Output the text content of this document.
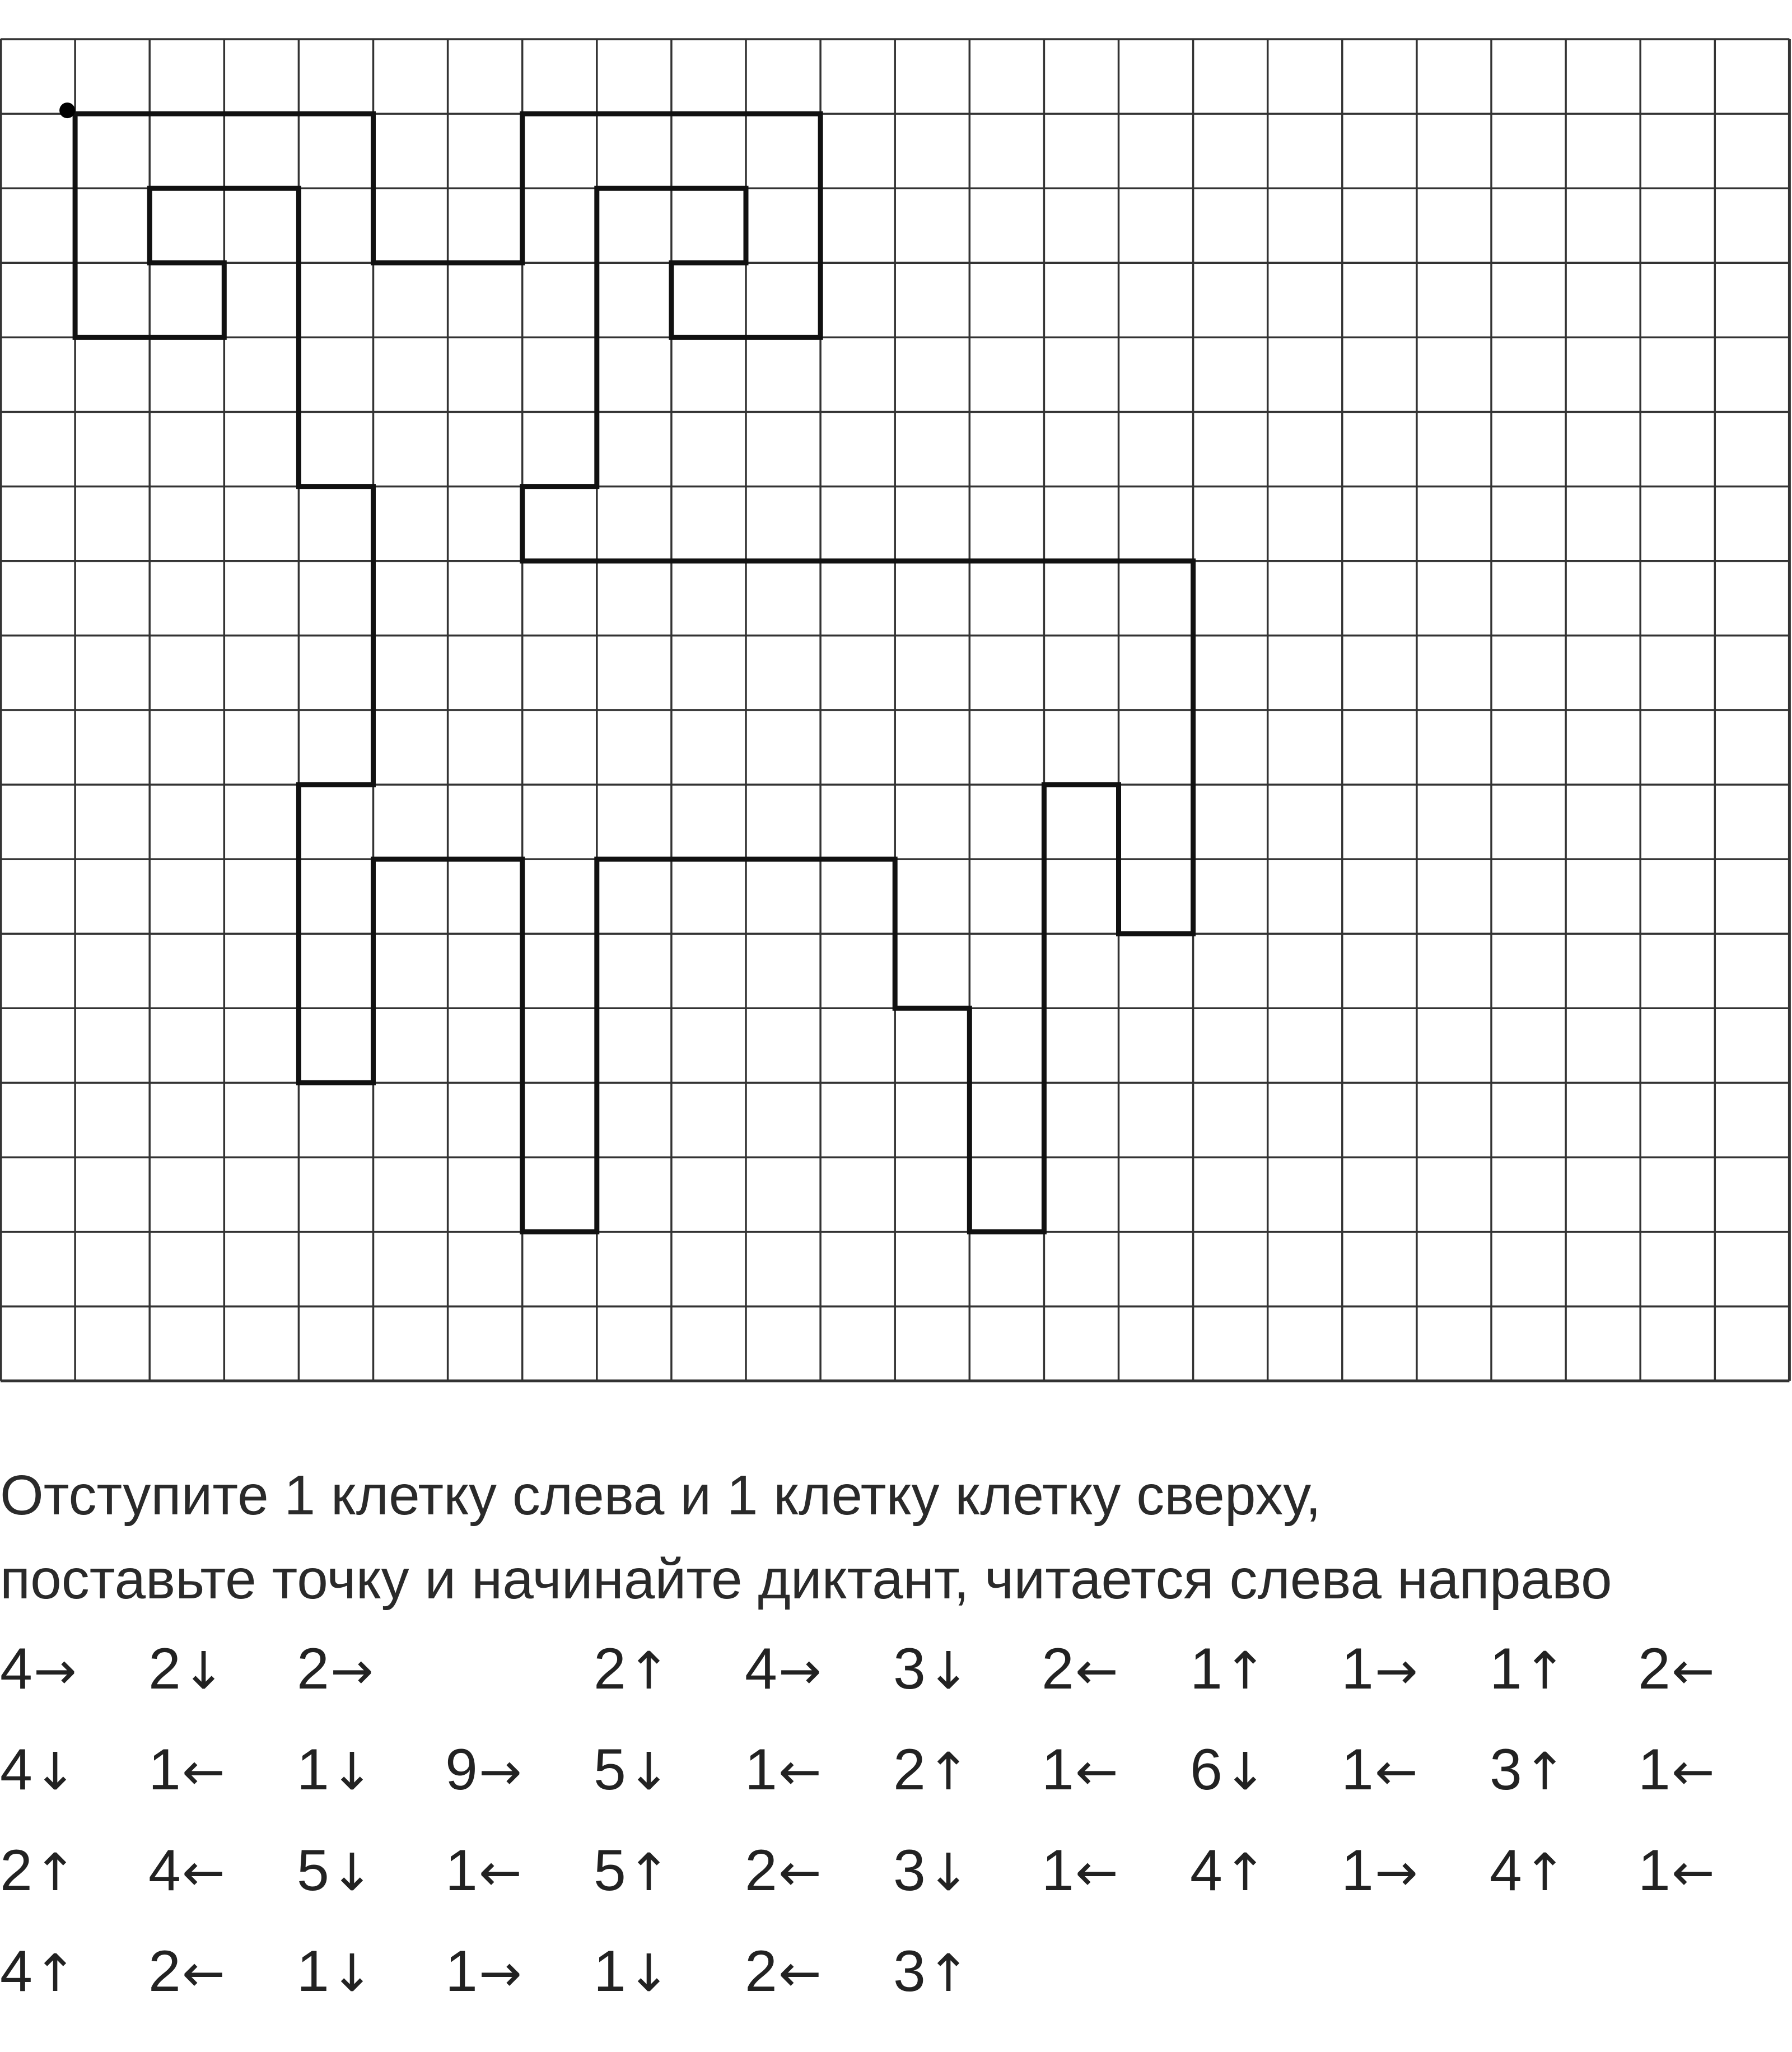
Отступите 1 клетку слева и 1 клетку клетку сверху,
поставьте точку и начинайте диктант, читается слева направо
4→ 2↓ 2→	2↑ 4→ 3↓ 2← 1↑ 1→ 1↑ 2←
4↓ 1← 1↓ 9→ 5↓ 1← 2↑ 1← 6↓ 1← 3↑ 1←
2↑ 4← 5↓ 1← 5↑ 2← 3↓ 1← 4↑ 1→ 4↑ 1←
4↑ 2← 1↓ 1→ 1↓ 2← 3↑
